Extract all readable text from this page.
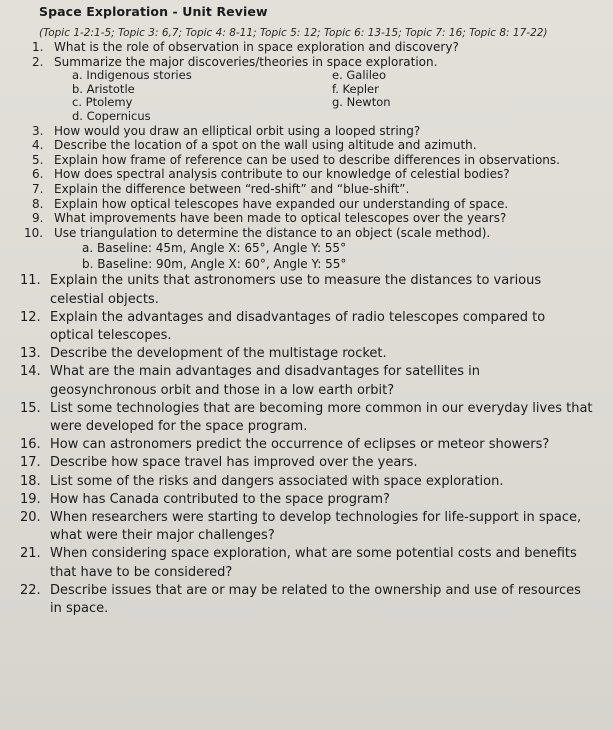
Space Exploration - Unit Review
(Topic 1-2:1-5; Topic 3: 6,7; Topic 4: 8-11; Topic 5: 12; Topic 6: 13-15; Topic 7: 16; Topic 8: 17-22)
1. What is the role of observation in space exploration and discovery?
2. Summarize the major discoveries/theories in space exploration.
a. Indigenous stories	e. Galileo
b. Aristotle	f. Kepler
c. Ptolemy	g. Newton
d. Copernicus
3. How would you draw an elliptical orbit using a looped string?
4. Describe the location of a spot on the wall using altitude and azimuth.
5. Explain how frame of reference can be used to describe differences in observations.
6. How does spectral analysis contribute to our knowledge of celestial bodies?
7. Explain the difference between “red-shift” and “blue-shift”.
8. Explain how optical telescopes have expanded our understanding of space.
9. What improvements have been made to optical telescopes over the years?
10. Use triangulation to determine the distance to an object (scale method).
a. Baseline: 45m, Angle X: 65°, Angle Y: 55°
b. Baseline: 90m, Angle X: 60°, Angle Y: 55°
11. Explain the units that astronomers use to measure the distances to various celestial objects.
12. Explain the advantages and disadvantages of radio telescopes compared to optical telescopes.
13. Describe the development of the multistage rocket.
14. What are the main advantages and disadvantages for satellites in geosynchronous orbit and those in a low earth orbit?
15. List some technologies that are becoming more common in our everyday lives that were developed for the space program.
16. How can astronomers predict the occurrence of eclipses or meteor showers?
17. Describe how space travel has improved over the years.
18. List some of the risks and dangers associated with space exploration.
19. How has Canada contributed to the space program?
20. When researchers were starting to develop technologies for life-support in space, what were their major challenges?
21. When considering space exploration, what are some potential costs and benefits that have to be considered?
22. Describe issues that are or may be related to the ownership and use of resources in space.
